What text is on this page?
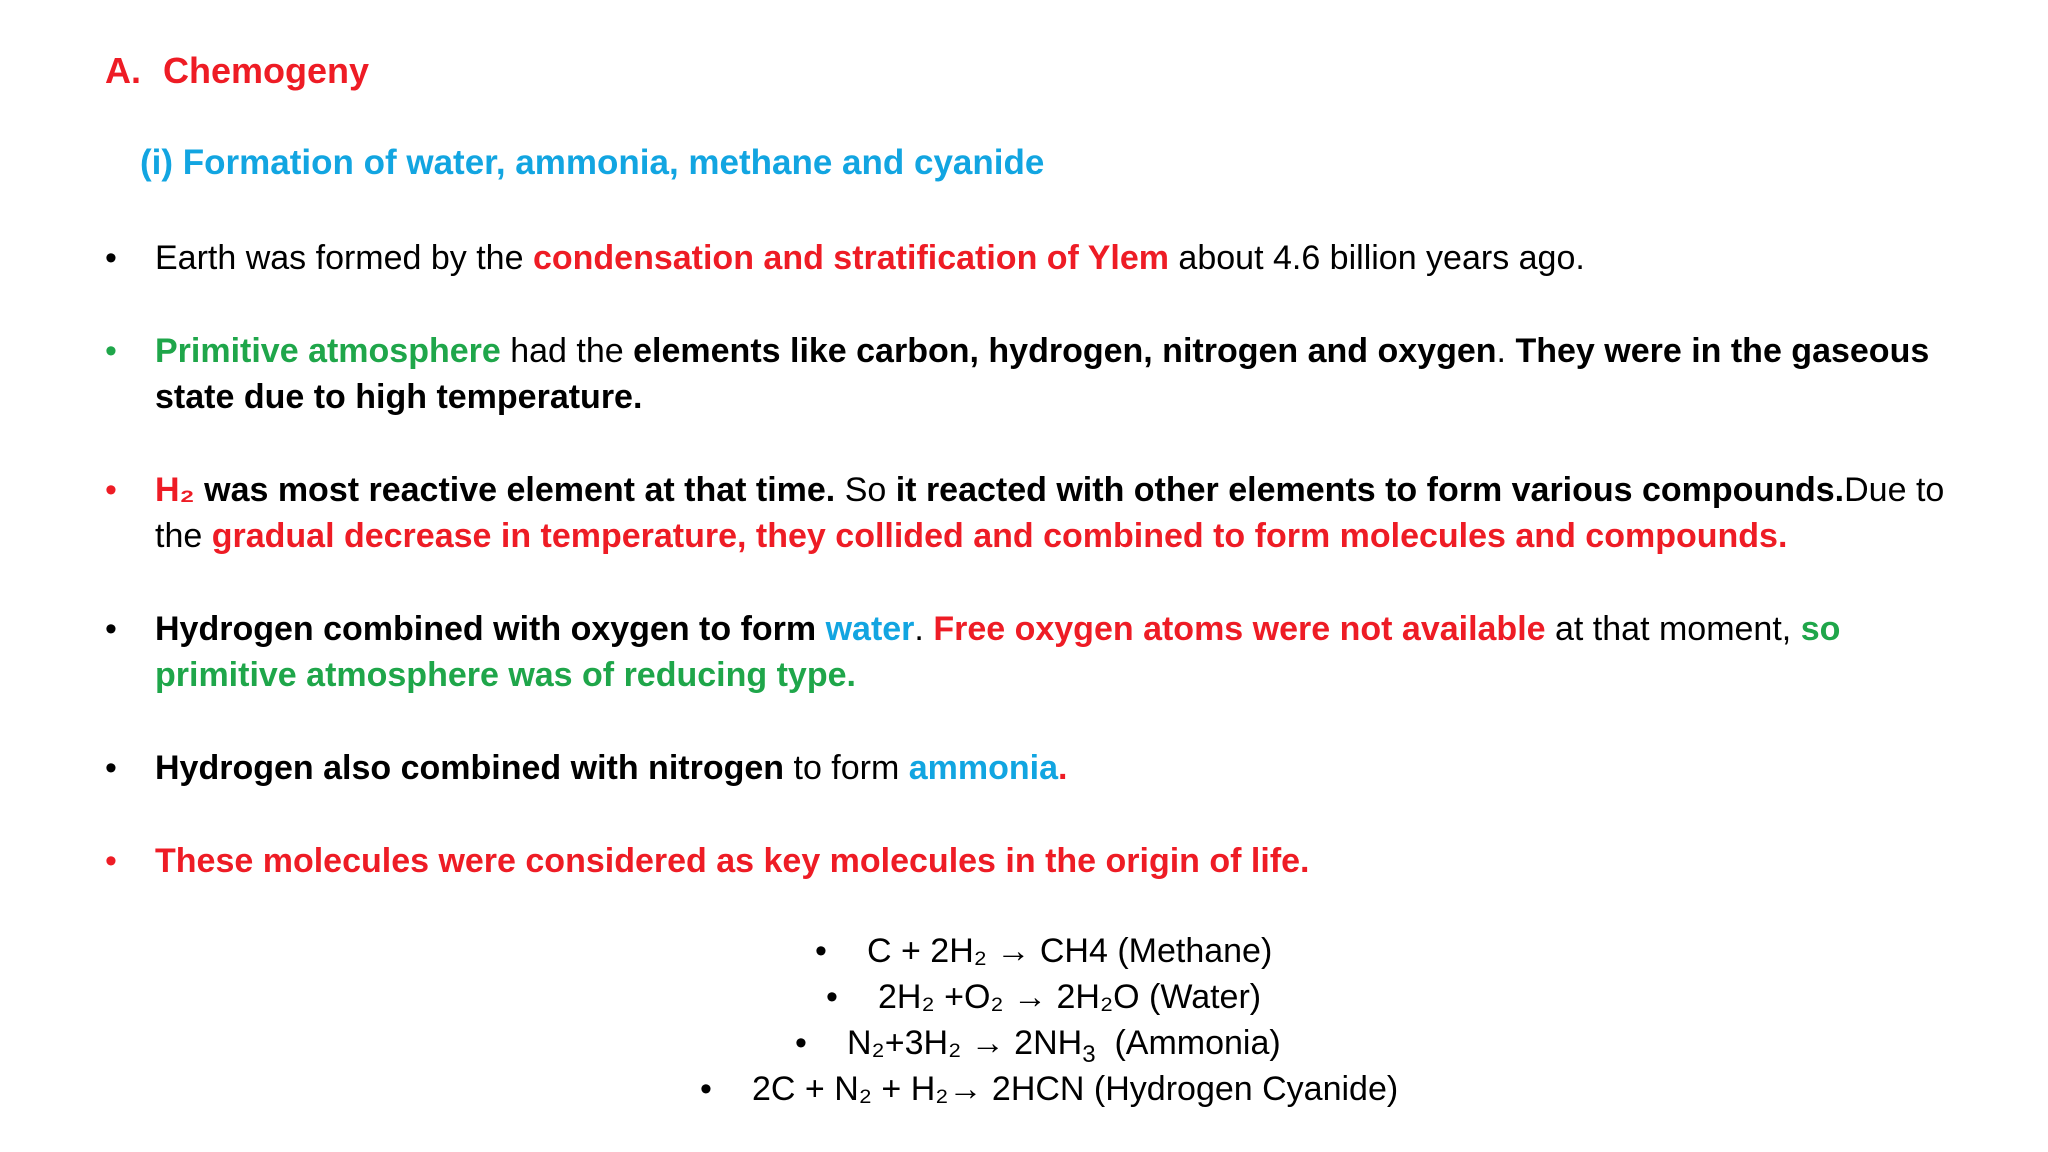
A. Chemogeny
(i) Formation of water, ammonia, methane and cyanide
•	Earth was formed by the condensation and stratification of Ylem about 4.6 billion years ago.
•	Primitive atmosphere had the elements like carbon, hydrogen, nitrogen and oxygen. They were in the gaseous state due to high temperature.
•	H₂ was most reactive element at that time. So it reacted with other elements to form various compounds.Due to the gradual decrease in temperature, they collided and combined to form molecules and compounds.
•	Hydrogen combined with oxygen to form water. Free oxygen atoms were not available at that moment, so primitive atmosphere was of reducing type.
•	Hydrogen also combined with nitrogen to form ammonia.
•	These molecules were considered as key molecules in the origin of life.
• C + 2H₂ → CH4 (Methane)
• 2H₂ +O₂ → 2H₂O (Water)
• $N_2+3H_2 \to 2NH_3$  (Ammonia)
• 2C + N₂ + H₂→ 2HCN (Hydrogen Cyanide)
